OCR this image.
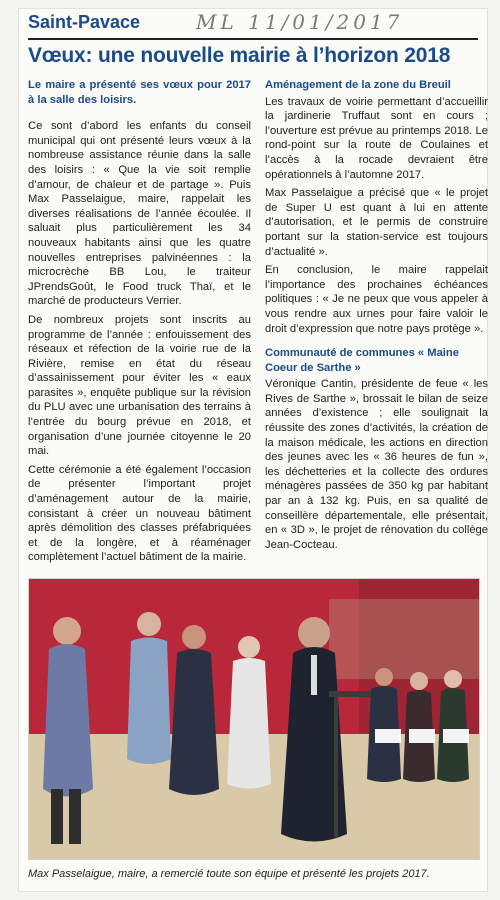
Saint-Pavace	ML 11/01/2017
Vœux: une nouvelle mairie à l’horizon 2018

Le maire a présenté ses vœux pour 2017 à la salle des loisirs.

Ce sont d’abord les enfants du conseil municipal qui ont présenté leurs vœux à la nombreuse assistance réunie dans la salle des loisirs : « Que la vie soit remplie d’amour, de chaleur et de partage ». Puis Max Passelaigue, maire, rappelait les diverses réalisations de l’année écoulée. Il saluait plus particulièrement les 34 nouveaux habitants ainsi que les quatre nouvelles entreprises palvinéennes : la microcrèche BB Lou, le traiteur JPrendsGoût, le Food truck Thaï, et le marché de producteurs Verrier.

De nombreux projets sont inscrits au programme de l’année : enfouissement des réseaux et réfection de la voirie rue de la Rivière, remise en état du réseau d’assainissement pour éviter les « eaux parasites », enquête publique sur la révision du PLU avec une urbanisation des terrains à l’entrée du bourg prévue en 2018, et organisation d’une journée citoyenne le 20 mai.

Cette cérémonie a été également l’occasion de présenter l’important projet d’aménagement autour de la mairie, consistant à créer un nouveau bâtiment après démolition des classes préfabriquées et de la longère, et à réaménager complètement l’actuel bâtiment de la mairie.

Aménagement de la zone du Breuil

Les travaux de voirie permettant d’accueillir la jardinerie Truffaut sont en cours ; l’ouverture est prévue au printemps 2018. Le rond-point sur la route de Coulaines et l’accès à la rocade devraient être opérationnels à l’automne 2017.

Max Passelaigue a précisé que « le projet de Super U est quant à lui en attente d’autorisation, et le permis de construire portant sur la station-service est toujours d’actualité ».

En conclusion, le maire rappelait l’importance des prochaines échéances politiques : « Je ne peux que vous appeler à vous rendre aux urnes pour faire valoir le droit d’expression que notre pays protège ».

Communauté de communes « Maine Coeur de Sarthe »

Véronique Cantin, présidente de feue « les Rives de Sarthe », brossait le bilan de seize années d’existence ; elle soulignait la réussite des zones d’activités, la création de la maison médicale, les actions en direction des jeunes avec les « 36 heures de fun », les déchetteries et la collecte des ordures ménagères passées de 350 kg par habitant par an à 132 kg. Puis, en sa qualité de conseillère départementale, elle présentait, en « 3D », le projet de rénovation du collège Jean-Cocteau.

Max Passelaigue, maire, a remercié toute son équipe et présenté les projets 2017.
